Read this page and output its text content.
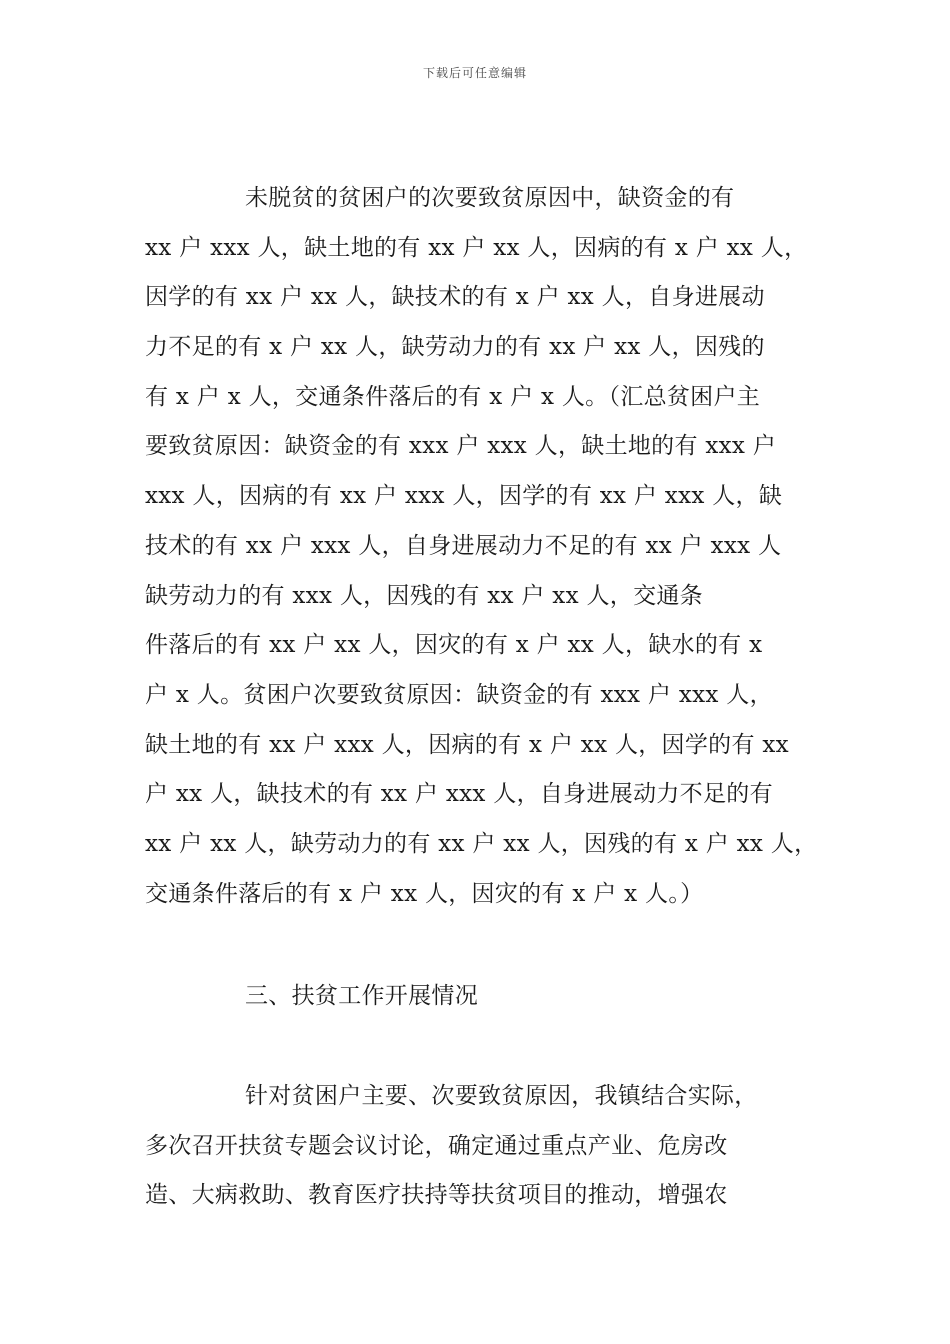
下载后可任意编辑
未脱贫的贫困户的次要致贫原因中，缺资金的有
xx 户 xxx 人，缺土地的有 xx 户 xx 人，因病的有 x 户 xx 人，
因学的有 xx 户 xx 人，缺技术的有 x 户 xx 人，自身进展动
力不足的有 x 户 xx 人，缺劳动力的有 xx 户 xx 人，因残的
有 x 户 x 人，交通条件落后的有 x 户 x 人。（汇总贫困户主
要致贫原因：缺资金的有 xxx 户 xxx 人，缺土地的有 xxx 户
xxx 人，因病的有 xx 户 xxx 人，因学的有 xx 户 xxx 人，缺
技术的有 xx 户 xxx 人，自身进展动力不足的有 xx 户 xxx 人
缺劳动力的有 xxx 人，因残的有 xx 户 xx 人，交通条
件落后的有 xx 户 xx 人，因灾的有 x 户 xx 人，缺水的有 x
户 x 人。贫困户次要致贫原因：缺资金的有 xxx 户 xxx 人，
缺土地的有 xx 户 xxx 人，因病的有 x 户 xx 人，因学的有 xx
户 xx 人，缺技术的有 xx 户 xxx 人，自身进展动力不足的有
xx 户 xx 人，缺劳动力的有 xx 户 xx 人，因残的有 x 户 xx 人，
交通条件落后的有 x 户 xx 人，因灾的有 x 户 x 人。）
三、扶贫工作开展情况
针对贫困户主要、次要致贫原因，我镇结合实际，
多次召开扶贫专题会议讨论，确定通过重点产业、危房改
造、大病救助、教育医疗扶持等扶贫项目的推动，增强农
